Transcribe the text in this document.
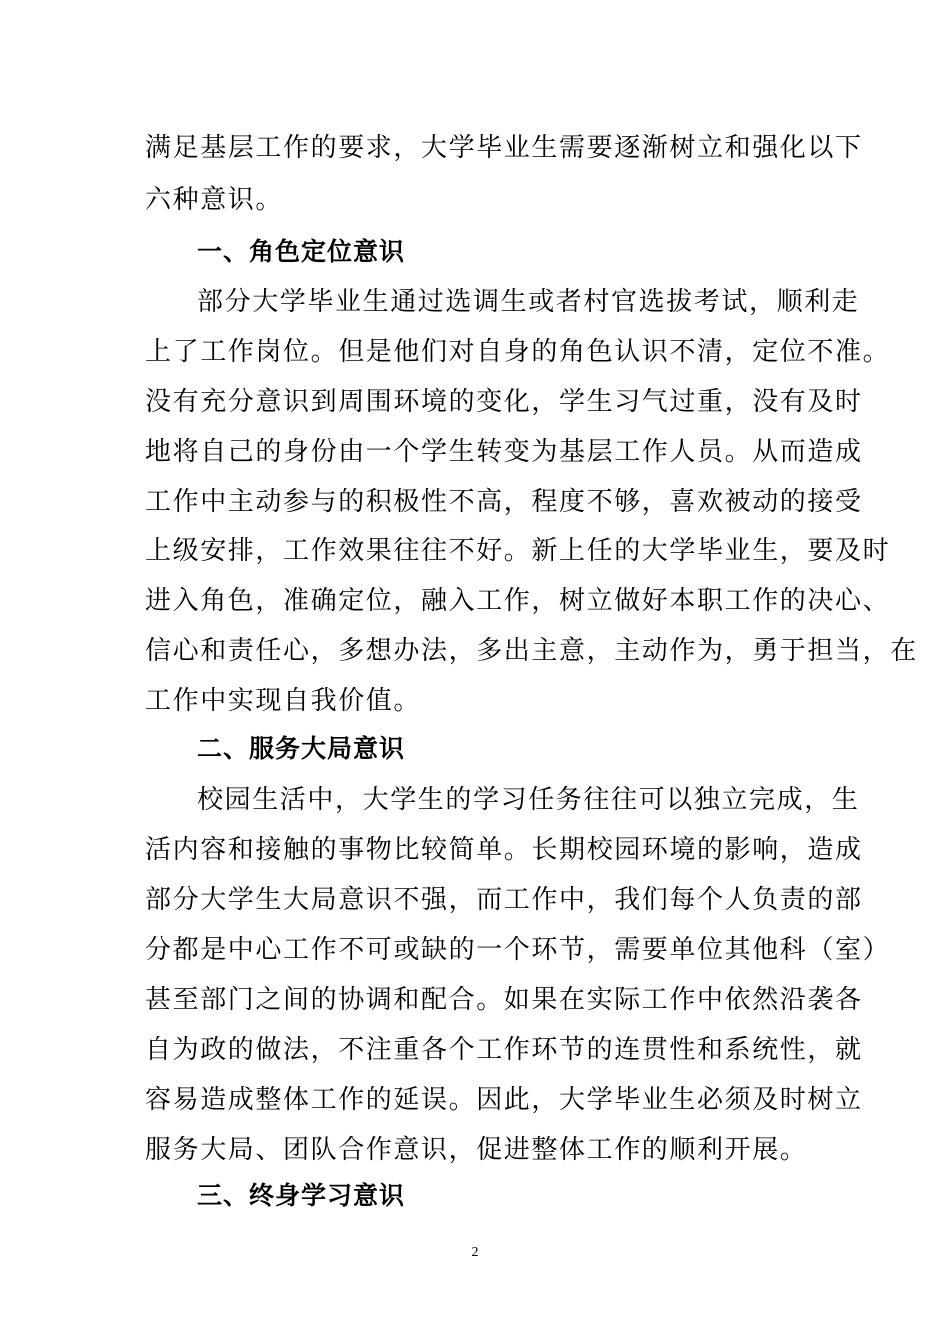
满足基层工作的要求，大学毕业生需要逐渐树立和强化以下
六种意识。
一、角色定位意识
部分大学毕业生通过选调生或者村官选拔考试，顺利走
上了工作岗位。但是他们对自身的角色认识不清，定位不准。
没有充分意识到周围环境的变化，学生习气过重，没有及时
地将自己的身份由一个学生转变为基层工作人员。从而造成
工作中主动参与的积极性不高，程度不够，喜欢被动的接受
上级安排，工作效果往往不好。新上任的大学毕业生，要及时
进入角色，准确定位，融入工作，树立做好本职工作的决心、
信心和责任心，多想办法，多出主意，主动作为，勇于担当，在
工作中实现自我价值。
二、服务大局意识
校园生活中，大学生的学习任务往往可以独立完成，生
活内容和接触的事物比较简单。长期校园环境的影响，造成
部分大学生大局意识不强，而工作中，我们每个人负责的部
分都是中心工作不可或缺的一个环节，需要单位其他科（室）
甚至部门之间的协调和配合。如果在实际工作中依然沿袭各
自为政的做法，不注重各个工作环节的连贯性和系统性，就
容易造成整体工作的延误。因此，大学毕业生必须及时树立
服务大局、团队合作意识，促进整体工作的顺利开展。
三、终身学习意识
2
